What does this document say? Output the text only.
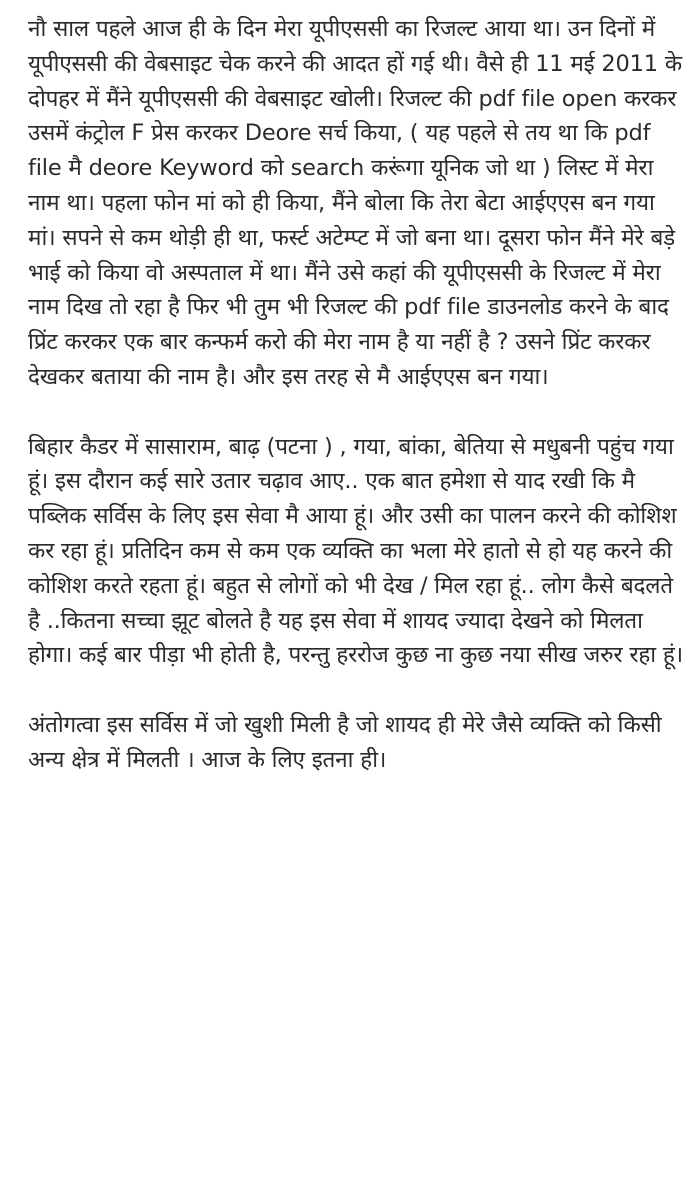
नौ साल पहले आज ही के दिन मेरा यूपीएससी का रिजल्ट आया था। उन दिनों में यूपीएससी की वेबसाइट चेक करने की आदत हों गई थी। वैसे ही 11 मई 2011 के दोपहर में मैंने यूपीएससी की वेबसाइट खोली। रिजल्ट की pdf file open करकर उसमें कंट्रोल F प्रेस करकर Deore सर्च किया, ( यह पहले से तय था कि pdf file मै deore Keyword को search करूंगा यूनिक जो था ) लिस्ट में मेरा नाम था। पहला फोन मां को ही किया, मैंने बोला कि तेरा बेटा आईएएस बन गया मां। सपने से कम थोड़ी ही था, फर्स्ट अटेम्प्ट में जो बना था। दूसरा फोन मैंने मेरे बड़े भाई को किया वो अस्पताल में था। मैंने उसे कहां की यूपीएससी के रिजल्ट में मेरा नाम दिख तो रहा है फिर भी तुम भी रिजल्ट की pdf file डाउनलोड करने के बाद प्रिंट करकर एक बार कन्फर्म करो की मेरा नाम है या नहीं है ? उसने प्रिंट करकर देखकर बताया की नाम है। और इस तरह से मै आईएएस बन गया।

बिहार कैडर में सासाराम, बाढ़ (पटना ) , गया, बांका, बेतिया से मधुबनी पहुंच गया हूं। इस दौरान कई सारे उतार चढ़ाव आए.. एक बात हमेशा से याद रखी कि मै पब्लिक सर्विस के लिए इस सेवा मै आया हूं। और उसी का पालन करने की कोशिश कर रहा हूं। प्रतिदिन कम से कम एक व्यक्ति का भला मेरे हातो से हो यह करने की कोशिश करते रहता हूं। बहुत से लोगों को भी देख / मिल रहा हूं.. लोग कैसे बदलते है ..कितना सच्चा झूट बोलते है यह इस सेवा में शायद ज्यादा देखने को मिलता होगा। कई बार पीड़ा भी होती है, परन्तु हररोज कुछ ना कुछ नया सीख जरुर रहा हूं।

अंतोगत्वा इस सर्विस में जो खुशी मिली है जो शायद ही मेरे जैसे व्यक्ति को किसी अन्य क्षेत्र में मिलती । आज के लिए इतना ही।
